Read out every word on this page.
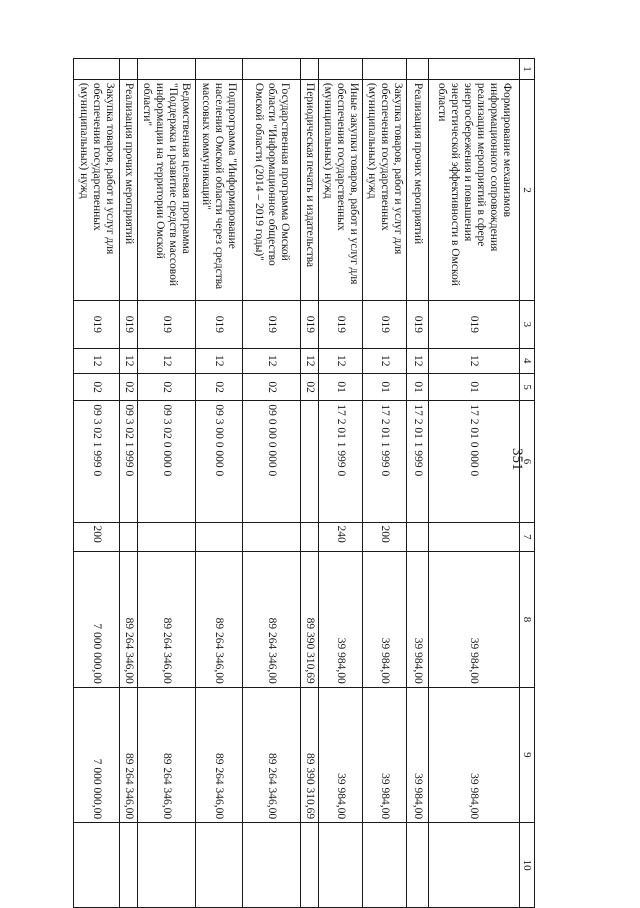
351
1	2	3	4	5	6	7	8	9	10
	Формирование механизмов информационного сопровождения реализации мероприятий в сфере энергосбережения и повышения энергетической эффективности в Омской области	019	12	01	17 2 01 0 000 0		39 984,00	39 984,00	
	Реализация прочих мероприятий	019	12	01	17 2 01 1 999 0		39 984,00	39 984,00	
	Закупка товаров, работ и услуг для обеспечения государственных (муниципальных) нужд	019	12	01	17 2 01 1 999 0	200	39 984,00	39 984,00	
	Иные закупки товаров, работ и услуг для обеспечения государственных (муниципальных) нужд	019	12	01	17 2 01 1 999 0	240	39 984,00	39 984,00	
	Периодическая печать и издательства	019	12	02			89 390 310,69	89 390 310,69	
	Государственная программа Омской области "Информационное общество Омской области (2014 – 2019 годы)"	019	12	02	09 0 00 0 000 0		89 264 346,00	89 264 346,00	
	Подпрограмма "Информирование населения Омской области через средства массовых коммуникаций"	019	12	02	09 3 00 0 000 0		89 264 346,00	89 264 346,00	
	Ведомственная целевая программа "Поддержка и развитие средств массовой информации на территории Омской области"	019	12	02	09 3 02 0 000 0		89 264 346,00	89 264 346,00	
	Реализация прочих мероприятий	019	12	02	09 3 02 1 999 0		89 264 346,00	89 264 346,00	
	Закупка товаров, работ и услуг для обеспечения государственных (муниципальных) нужд	019	12	02	09 3 02 1 999 0	200	7 000 000,00	7 000 000,00	
